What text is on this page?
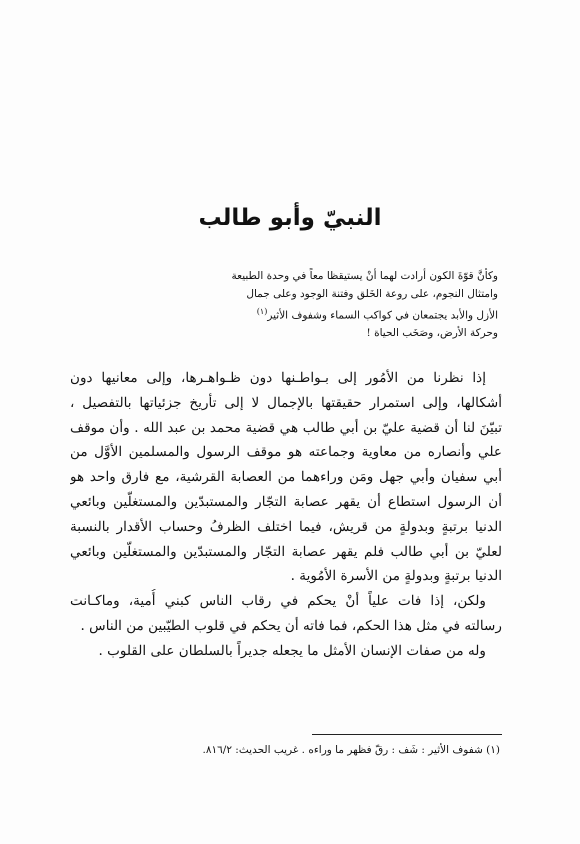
النبيّ وأبو طالب
وكأنَّ قوّةَ الكون أرادت لهما أنْ يستيقظا معاً في وحدة الطبيعة
وامتثال النجوم، على روعة الخَلق وفتنة الوجود وعلى جمال
الأزل والأبد يجتمعان في كواكب السماء وشفوف الأثير$^{(١)}$
وحركة الأرض، وصَخَب الحياة !
إذا نظرنا من الأمُور إلى بـواطـنها دون ظـواهـرها، وإلى معانيها دون
أشكالها، وإلى استمرار حقيقتها بالإجمال لا إلى تأريخ جزئياتها بالتفصيل ،
تبيّنَ لنا أن قضية عليّ بن أبي طالب هي قضية محمد بن عبد الله . وأن موقف
علي وأنصاره من معاوية وجماعته هو موقف الرسول والمسلمين الأوَّل من
أبي سفيان وأبي جهل ومَن وراءهما من العصابة القرشية، مع فارق واحد هو
أن الرسول استطاع أن يقهر عصابة التجّار والمستبدّين والمستغلّين وبائعي
الدنيا برتبةٍ وبدولةٍ من قريش، فيما اختلف الظرفُ وحساب الأقدار بالنسبة
لعليّ بن أبي طالب فلم يقهر عصابة التجّار والمستبدّين والمستغلّين وبائعي
الدنيا برتبةٍ وبدولةٍ من الأسرة الأمُوية .
ولكن، إذا فات علياً أنْ يحكم في رقاب الناس كبني أُمية، وماكـانت
رسالته في مثل هذا الحكم، فما فاته أن يحكم في قلوب الطيّبين من الناس .
وله من صفات الإنسان الأمثل ما يجعله جديراً بالسلطان على القلوب .
(١) شفوف الأثير : شَف : رقّ فظهر ما وراءه . غريب الحديث: ٨١٦/٢.
